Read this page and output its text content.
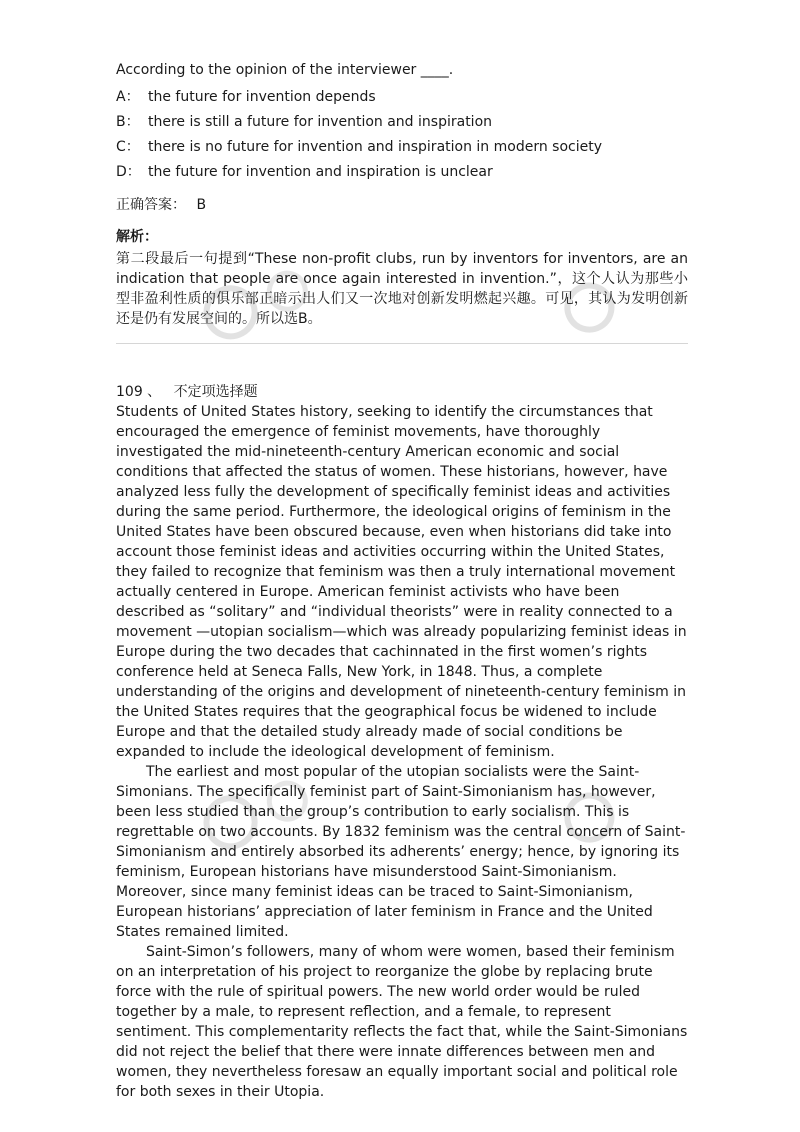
According to the opinion of the interviewer ____.
A： the future for invention depends
B： there is still a future for invention and inspiration
C： there is no future for invention and inspiration in modern society
D： the future for invention and inspiration is unclear
正确答案： B
解析：
第二段最后一句提到“These non-profit clubs, run by inventors for inventors, are an indication that people are once again interested in invention.”，这个人认为那些小型非盈利性质的俱乐部正暗示出人们又一次地对创新发明燃起兴趣。可见，其认为发明创新还是仍有发展空间的。所以选B。
109 、 不定项选择题

Students of United States history, seeking to identify the circumstances that encouraged the emergence of feminist movements, have thoroughly investigated the mid-nineteenth-century American economic and social conditions that affected the status of women. These historians, however, have analyzed less fully the development of specifically feminist ideas and activities during the same period. Furthermore, the ideological origins of feminism in the United States have been obscured because, even when historians did take into account those feminist ideas and activities occurring within the United States, they failed to recognize that feminism was then a truly international movement actually centered in Europe. American feminist activists who have been described as “solitary” and “individual theorists” were in reality connected to a movement —utopian socialism—which was already popularizing feminist ideas in Europe during the two decades that cachinnated in the first women’s rights conference held at Seneca Falls, New York, in 1848. Thus, a complete understanding of the origins and development of nineteenth-century feminism in the United States requires that the geographical focus be widened to include Europe and that the detailed study already made of social conditions be expanded to include the ideological development of feminism.

The earliest and most popular of the utopian socialists were the Saint-Simonians. The specifically feminist part of Saint-Simonianism has, however, been less studied than the group’s contribution to early socialism. This is regrettable on two accounts. By 1832 feminism was the central concern of Saint-Simonianism and entirely absorbed its adherents’ energy; hence, by ignoring its feminism, European historians have misunderstood Saint-Simonianism. Moreover, since many feminist ideas can be traced to Saint-Simonianism, European historians’ appreciation of later feminism in France and the United States remained limited.

Saint-Simon’s followers, many of whom were women, based their feminism on an interpretation of his project to reorganize the globe by replacing brute force with the rule of spiritual powers. The new world order would be ruled together by a male, to represent reflection, and a female, to represent sentiment. This complementarity reflects the fact that, while the Saint-Simonians did not reject the belief that there were innate differences between men and women, they nevertheless foresaw an equally important social and political role for both sexes in their Utopia.
